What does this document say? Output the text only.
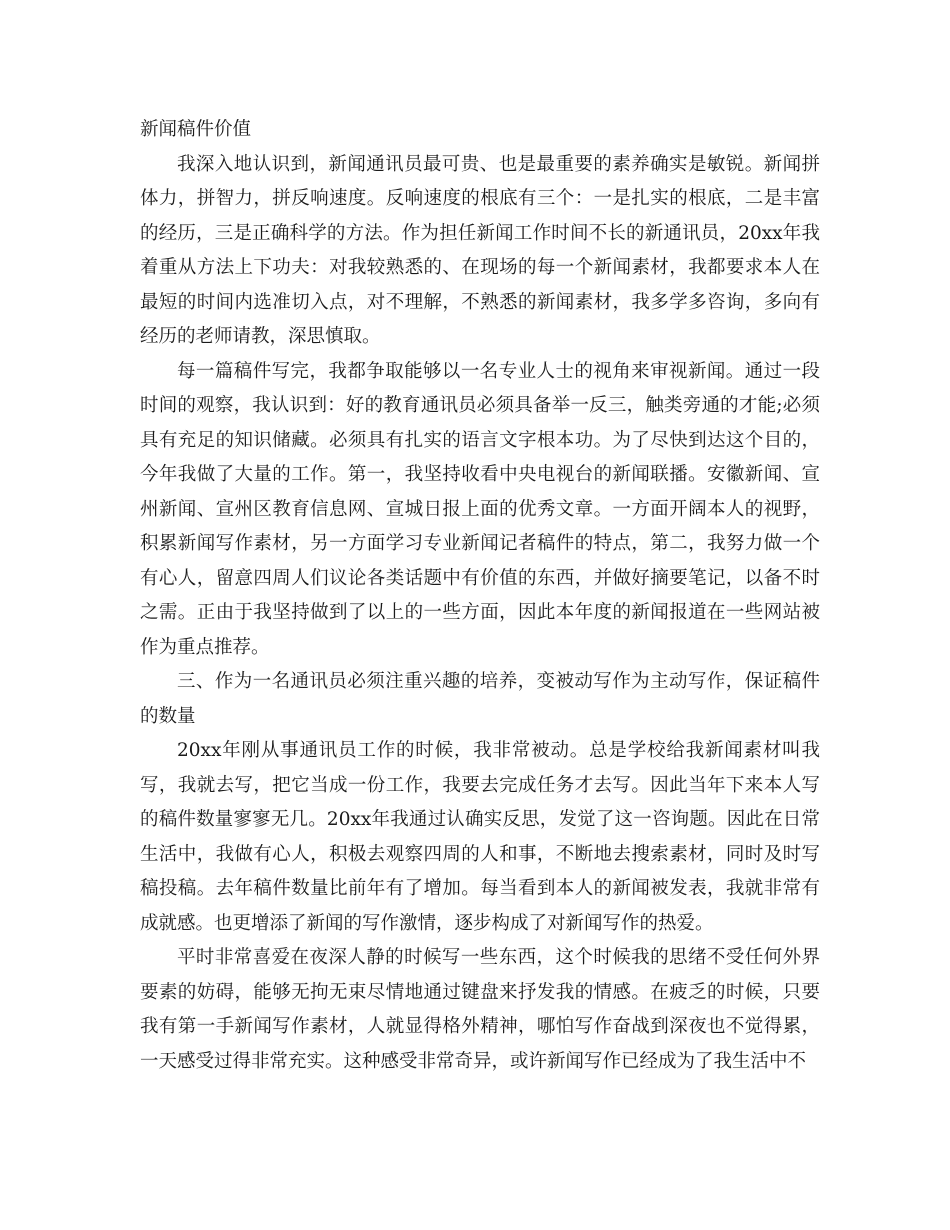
新闻稿件价值

我深入地认识到，新闻通讯员最可贵、也是最重要的素养确实是敏锐。新闻拼体力，拼智力，拼反响速度。反响速度的根底有三个：一是扎实的根底，二是丰富的经历，三是正确科学的方法。作为担任新闻工作时间不长的新通讯员，20xx年我着重从方法上下功夫：对我较熟悉的、在现场的每一个新闻素材，我都要求本人在最短的时间内选准切入点，对不理解，不熟悉的新闻素材，我多学多咨询，多向有经历的老师请教，深思慎取。

每一篇稿件写完，我都争取能够以一名专业人士的视角来审视新闻。通过一段时间的观察，我认识到：好的教育通讯员必须具备举一反三，触类旁通的才能;必须具有充足的知识储藏。必须具有扎实的语言文字根本功。为了尽快到达这个目的，今年我做了大量的工作。第一，我坚持收看中央电视台的新闻联播。安徽新闻、宣州新闻、宣州区教育信息网、宣城日报上面的优秀文章。一方面开阔本人的视野，积累新闻写作素材，另一方面学习专业新闻记者稿件的特点，第二，我努力做一个有心人，留意四周人们议论各类话题中有价值的东西，并做好摘要笔记，以备不时之需。正由于我坚持做到了以上的一些方面，因此本年度的新闻报道在一些网站被作为重点推荐。

三、作为一名通讯员必须注重兴趣的培养，变被动写作为主动写作，保证稿件的数量

20xx年刚从事通讯员工作的时候，我非常被动。总是学校给我新闻素材叫我写，我就去写，把它当成一份工作，我要去完成任务才去写。因此当年下来本人写的稿件数量寥寥无几。20xx年我通过认确实反思，发觉了这一咨询题。因此在日常生活中，我做有心人，积极去观察四周的人和事，不断地去搜索素材，同时及时写稿投稿。去年稿件数量比前年有了增加。每当看到本人的新闻被发表，我就非常有成就感。也更增添了新闻的写作激情，逐步构成了对新闻写作的热爱。

平时非常喜爱在夜深人静的时候写一些东西，这个时候我的思绪不受任何外界要素的妨碍，能够无拘无束尽情地通过键盘来抒发我的情感。在疲乏的时候，只要我有第一手新闻写作素材，人就显得格外精神，哪怕写作奋战到深夜也不觉得累，一天感受过得非常充实。这种感受非常奇异，或许新闻写作已经成为了我生活中不
